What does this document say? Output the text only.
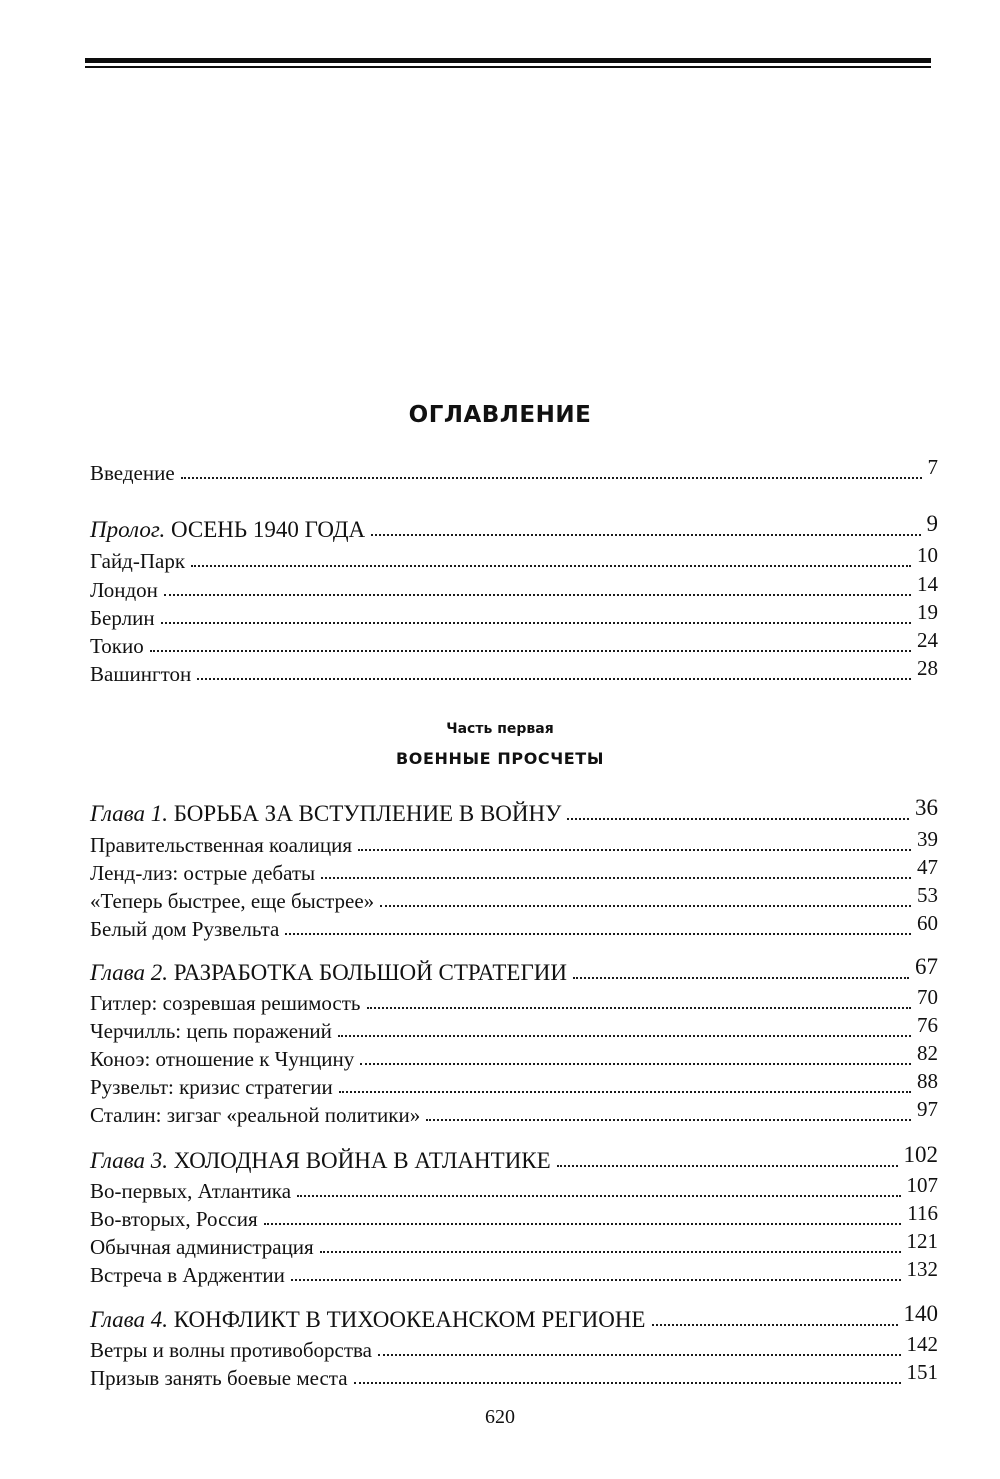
ОГЛАВЛЕНИЕ
Введение	7
Пролог. ОСЕНЬ 1940 ГОДА	9
Гайд-Парк	10
Лондон	14
Берлин	19
Токио	24
Вашингтон	28
Часть первая
ВОЕННЫЕ ПРОСЧЕТЫ
Глава 1. БОРЬБА ЗА ВСТУПЛЕНИЕ В ВОЙНУ	36
Правительственная коалиция	39
Ленд-лиз: острые дебаты	47
«Теперь быстрее, еще быстрее»	53
Белый дом Рузвельта	60
Глава 2. РАЗРАБОТКА БОЛЬШОЙ СТРАТЕГИИ	67
Гитлер: созревшая решимость	70
Черчилль: цепь поражений	76
Коноэ: отношение к Чунцину	82
Рузвельт: кризис стратегии	88
Сталин: зигзаг «реальной политики»	97
Глава 3. ХОЛОДНАЯ ВОЙНА В АТЛАНТИКЕ	102
Во-первых, Атлантика	107
Во-вторых, Россия	116
Обычная администрация	121
Встреча в Арджентии	132
Глава 4. КОНФЛИКТ В ТИХООКЕАНСКОМ РЕГИОНЕ	140
Ветры и волны противоборства	142
Призыв занять боевые места	151
620
